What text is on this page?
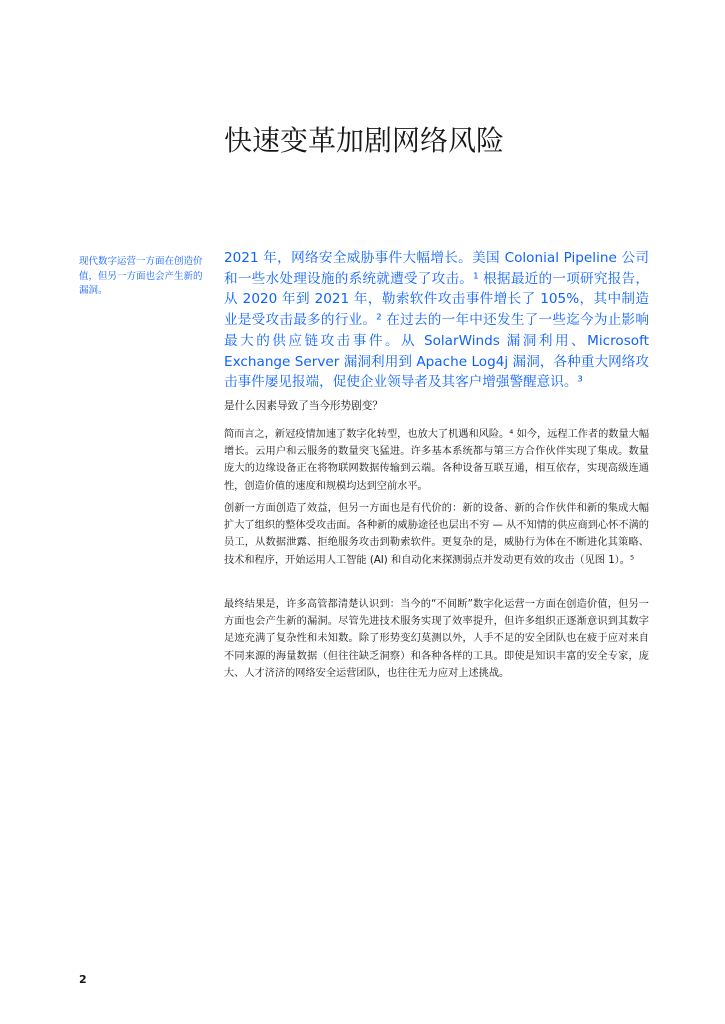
快速变革加剧网络风险

现代数字运营一方面在创造价值，但另一方面也会产生新的漏洞。

2021 年，网络安全威胁事件大幅增长。美国 Colonial Pipeline 公司和一些水处理设施的系统就遭受了攻击。¹ 根据最近的一项研究报告，从 2020 年到 2021 年，勒索软件攻击事件增长了 105%，其中制造业是受攻击最多的行业。² 在过去的一年中还发生了一些迄今为止影响最大的供应链攻击事件。从 SolarWinds 漏洞利用、Microsoft Exchange Server 漏洞利用到 Apache Log4j 漏洞，各种重大网络攻击事件屡见报端，促使企业领导者及其客户增强警醒意识。³

是什么因素导致了当今形势剧变？

简而言之，新冠疫情加速了数字化转型，也放大了机遇和风险。⁴ 如今，远程工作者的数量大幅增长。云用户和云服务的数量突飞猛进。许多基本系统都与第三方合作伙伴实现了集成。数量庞大的边缘设备正在将物联网数据传输到云端。各种设备互联互通，相互依存，实现高级连通性，创造价值的速度和规模均达到空前水平。

创新一方面创造了效益，但另一方面也是有代价的：新的设备、新的合作伙伴和新的集成大幅扩大了组织的整体受攻击面。各种新的威胁途径也层出不穷 — 从不知情的供应商到心怀不满的员工，从数据泄露、拒绝服务攻击到勒索软件。更复杂的是，威胁行为体在不断进化其策略、技术和程序，开始运用人工智能 (AI) 和自动化来探测弱点并发动更有效的攻击（见图 1）。⁵

最终结果是，许多高管都清楚认识到：当今的“不间断”数字化运营一方面在创造价值，但另一方面也会产生新的漏洞。尽管先进技术服务实现了效率提升，但许多组织正逐渐意识到其数字足迹充满了复杂性和未知数。除了形势变幻莫测以外，人手不足的安全团队也在疲于应对来自不同来源的海量数据（但往往缺乏洞察）和各种各样的工具。即使是知识丰富的安全专家，庞大、人才济济的网络安全运营团队，也往往无力应对上述挑战。

2
